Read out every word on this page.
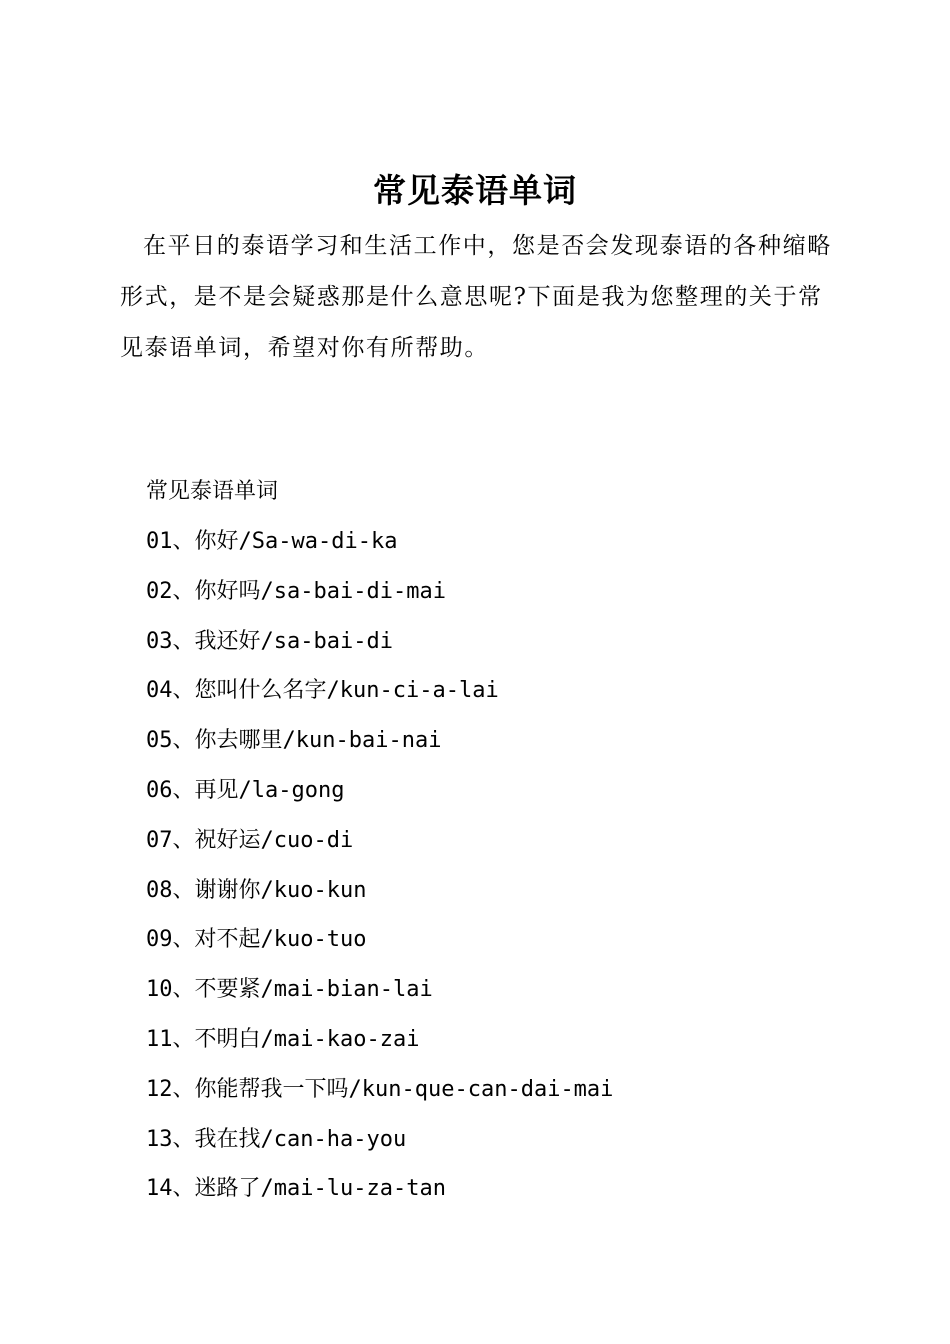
常见泰语单词

在平日的泰语学习和生活工作中，您是否会发现泰语的各种缩略形式，是不是会疑惑那是什么意思呢?下面是我为您整理的关于常见泰语单词，希望对你有所帮助。

常见泰语单词

01、你好/Sa-wa-di-ka
02、你好吗/sa-bai-di-mai
03、我还好/sa-bai-di
04、您叫什么名字/kun-ci-a-lai
05、你去哪里/kun-bai-nai
06、再见/la-gong
07、祝好运/cuo-di
08、谢谢你/kuo-kun
09、对不起/kuo-tuo
10、不要紧/mai-bian-lai
11、不明白/mai-kao-zai
12、你能帮我一下吗/kun-que-can-dai-mai
13、我在找/can-ha-you
14、迷路了/mai-lu-za-tan
